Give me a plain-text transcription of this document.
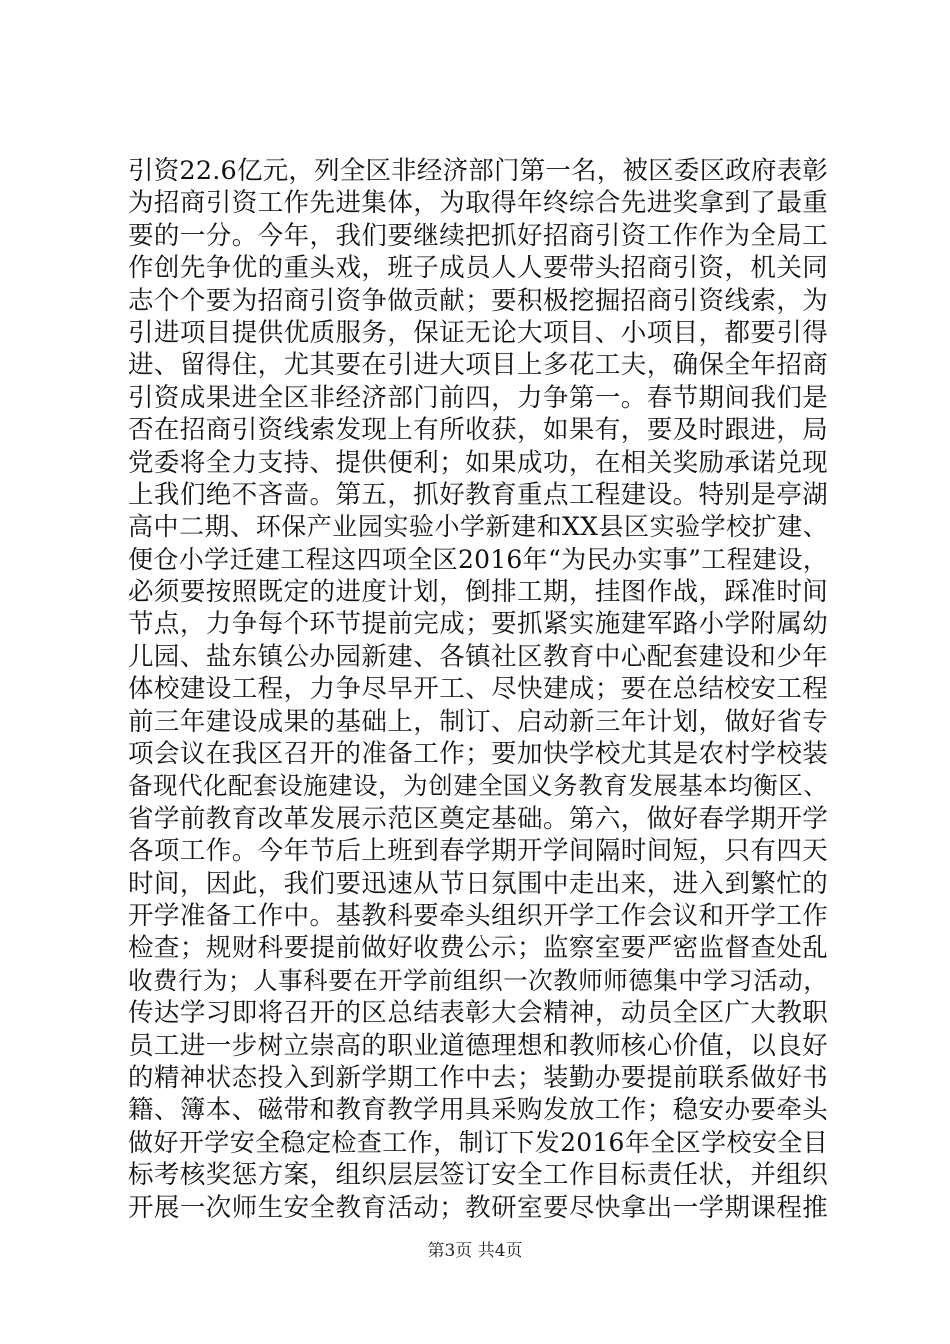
引资22.6亿元，列全区非经济部门第一名，被区委区政府表彰
为招商引资工作先进集体，为取得年终综合先进奖拿到了最重
要的一分。今年，我们要继续把抓好招商引资工作作为全局工
作创先争优的重头戏，班子成员人人要带头招商引资，机关同
志个个要为招商引资争做贡献；要积极挖掘招商引资线索，为
引进项目提供优质服务，保证无论大项目、小项目，都要引得
进、留得住，尤其要在引进大项目上多花工夫，确保全年招商
引资成果进全区非经济部门前四，力争第一。春节期间我们是
否在招商引资线索发现上有所收获，如果有，要及时跟进，局
党委将全力支持、提供便利；如果成功，在相关奖励承诺兑现
上我们绝不吝啬。第五，抓好教育重点工程建设。特别是亭湖
高中二期、环保产业园实验小学新建和XX县区实验学校扩建、
便仓小学迁建工程这四项全区2016年“为民办实事”工程建设，
必须要按照既定的进度计划，倒排工期，挂图作战，踩准时间
节点，力争每个环节提前完成；要抓紧实施建军路小学附属幼
儿园、盐东镇公办园新建、各镇社区教育中心配套建设和少年
体校建设工程，力争尽早开工、尽快建成；要在总结校安工程
前三年建设成果的基础上，制订、启动新三年计划，做好省专
项会议在我区召开的准备工作；要加快学校尤其是农村学校装
备现代化配套设施建设，为创建全国义务教育发展基本均衡区、
省学前教育改革发展示范区奠定基础。第六，做好春学期开学
各项工作。今年节后上班到春学期开学间隔时间短，只有四天
时间，因此，我们要迅速从节日氛围中走出来，进入到繁忙的
开学准备工作中。基教科要牵头组织开学工作会议和开学工作
检查；规财科要提前做好收费公示；监察室要严密监督查处乱
收费行为；人事科要在开学前组织一次教师师德集中学习活动，
传达学习即将召开的区总结表彰大会精神，动员全区广大教职
员工进一步树立崇高的职业道德理想和教师核心价值，以良好
的精神状态投入到新学期工作中去；装勤办要提前联系做好书
籍、簿本、磁带和教育教学用具采购发放工作；稳安办要牵头
做好开学安全稳定检查工作，制订下发2016年全区学校安全目
标考核奖惩方案，组织层层签订安全工作目标责任状，并组织
开展一次师生安全教育活动；教研室要尽快拿出一学期课程推
第3页 共4页
